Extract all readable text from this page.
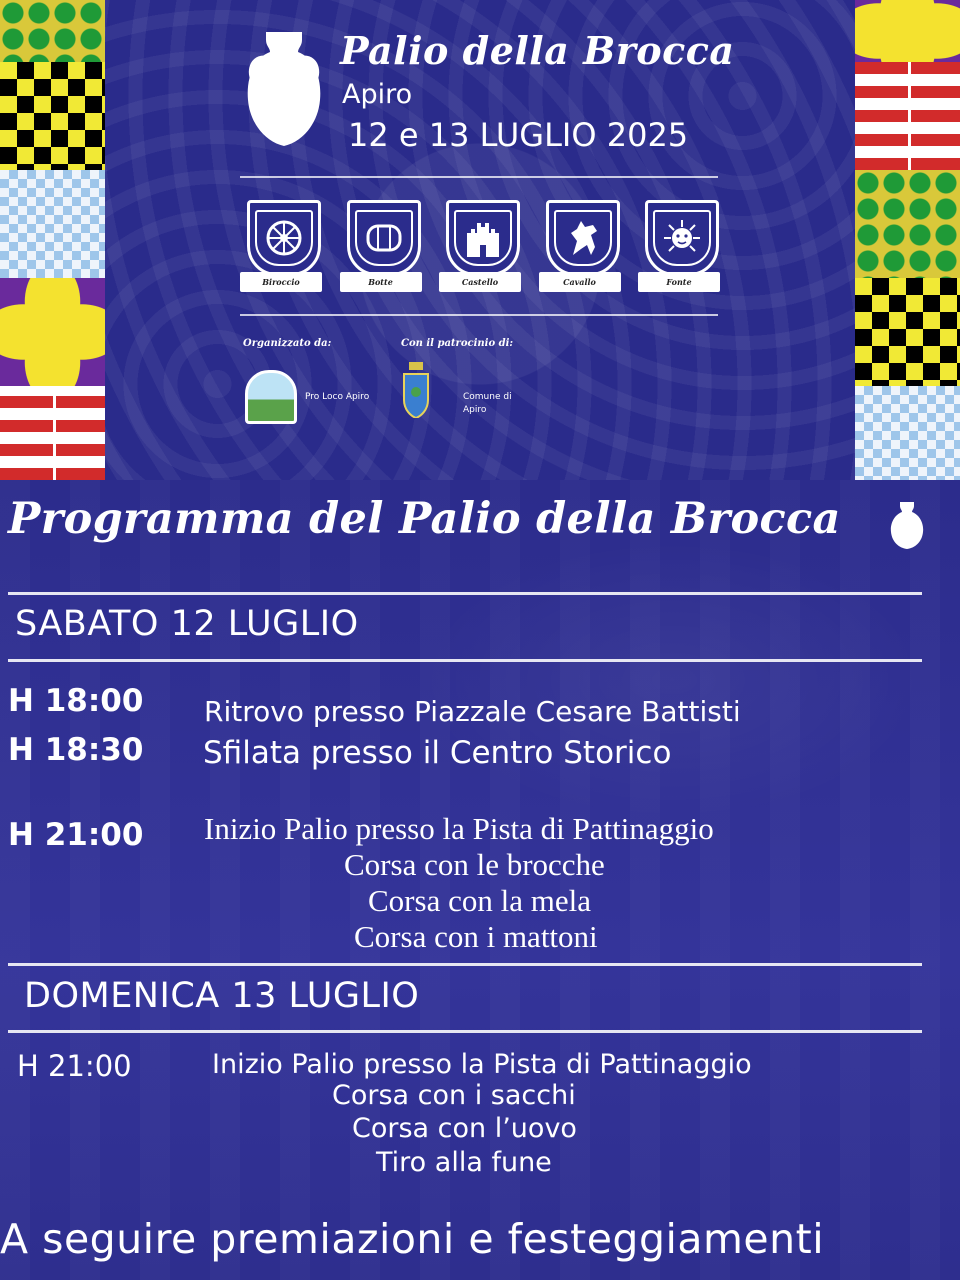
Palio della Brocca
Apiro
12 e 13 LUGLIO 2025
Biroccio	Botte	Castello	Cavallo	Fonte
Organizzato da:	Con il patrocinio di:
Pro Loco Apiro	Comune di Apiro
Programma del Palio della Brocca
SABATO 12 LUGLIO
H 18:00 Ritrovo presso Piazzale Cesare Battisti
H 18:30 Sfilata presso il Centro Storico
H 21:00 Inizio Palio presso la Pista di Pattinaggio
Corsa con le brocche
Corsa con la mela
Corsa con i mattoni
DOMENICA 13 LUGLIO
H 21:00	Inizio Palio presso la Pista di Pattinaggio
Corsa con i sacchi
Corsa con l’uovo
Tiro alla fune
A seguire premiazioni e festeggiamenti
